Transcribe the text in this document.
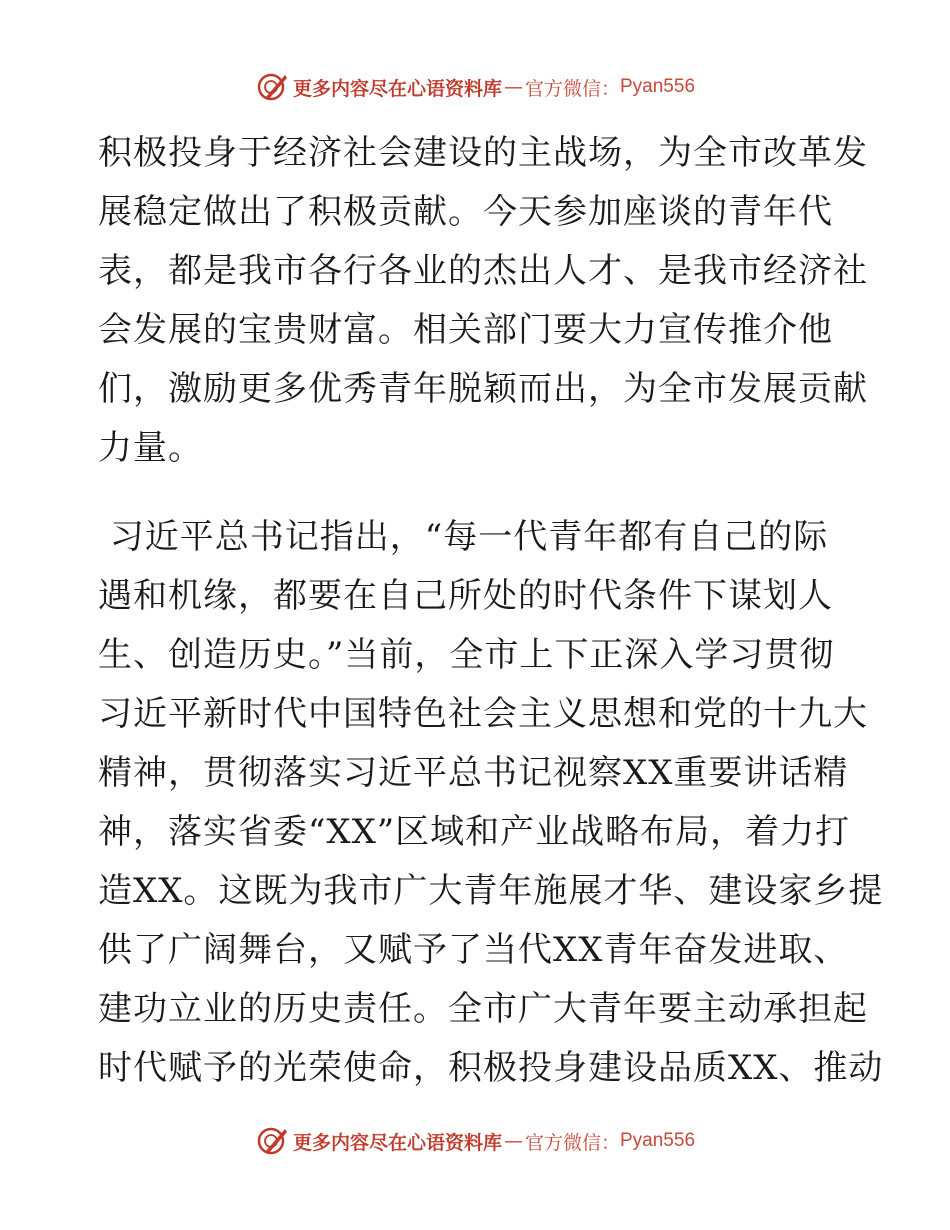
更多内容尽在心语资料库 — 官方微信： Pyan556
积极投身于经济社会建设的主战场，为全市改革发
展稳定做出了积极贡献。今天参加座谈的青年代
表，都是我市各行各业的杰出人才、是我市经济社
会发展的宝贵财富。相关部门要大力宣传推介他
们，激励更多优秀青年脱颖而出，为全市发展贡献
力量。
习近平总书记指出，“每一代青年都有自己的际
遇和机缘，都要在自己所处的时代条件下谋划人
生、创造历史。”当前，全市上下正深入学习贯彻
习近平新时代中国特色社会主义思想和党的十九大
精神，贯彻落实习近平总书记视察XX重要讲话精
神，落实省委“XX”区域和产业战略布局，着力打
造XX。这既为我市广大青年施展才华、建设家乡提
供了广阔舞台，又赋予了当代XX青年奋发进取、
建功立业的历史责任。全市广大青年要主动承担起
时代赋予的光荣使命，积极投身建设品质XX、推动
更多内容尽在心语资料库 — 官方微信： Pyan556
